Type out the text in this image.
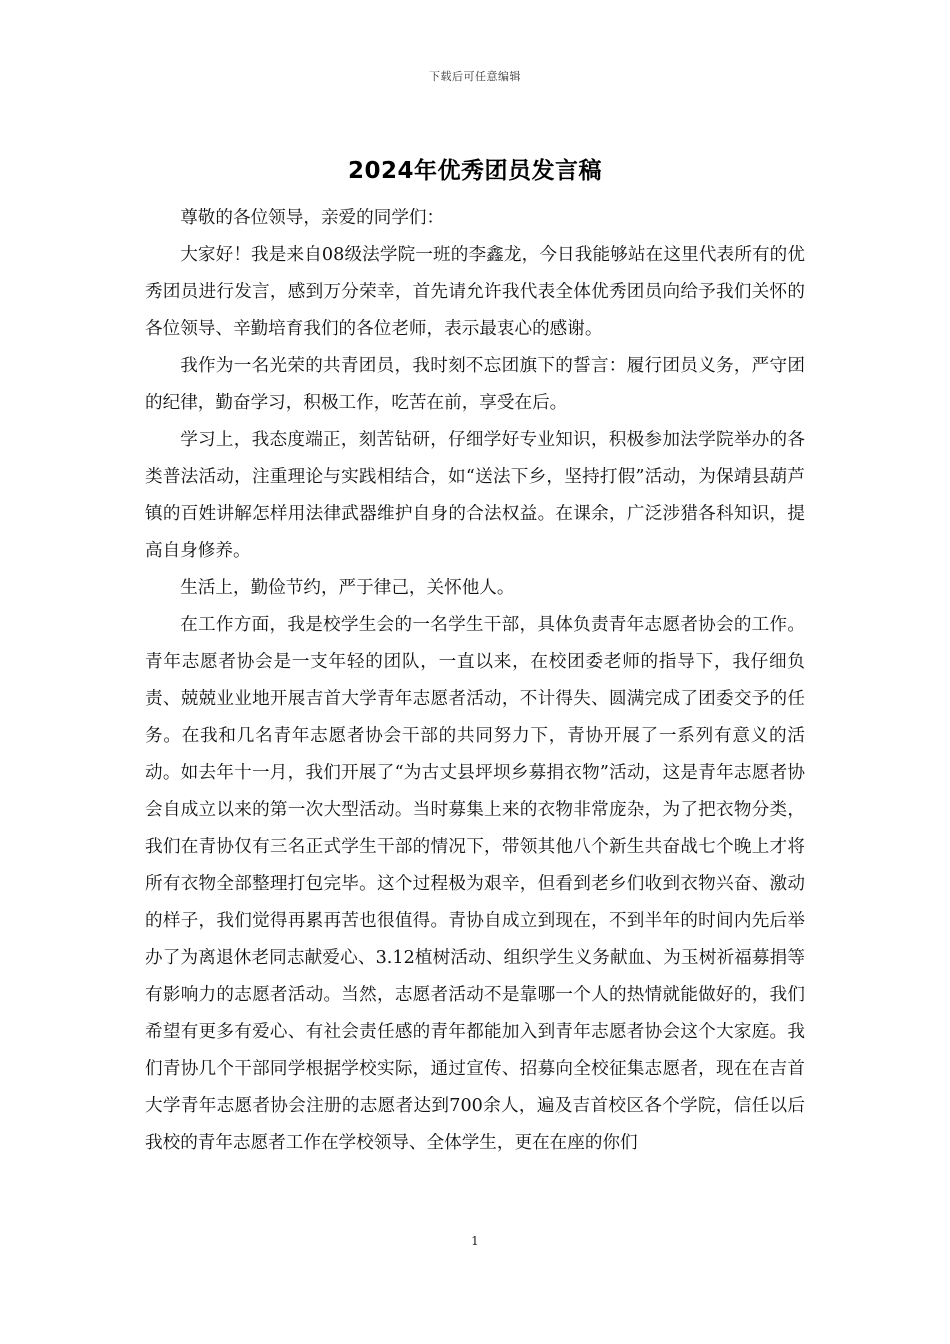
下载后可任意编辑
2024年优秀团员发言稿

尊敬的各位领导，亲爱的同学们：

大家好！我是来自08级法学院一班的李鑫龙，今日我能够站在这里代表所有的优秀团员进行发言，感到万分荣幸，首先请允许我代表全体优秀团员向给予我们关怀的各位领导、辛勤培育我们的各位老师，表示最衷心的感谢。

我作为一名光荣的共青团员，我时刻不忘团旗下的誓言：履行团员义务，严守团的纪律，勤奋学习，积极工作，吃苦在前，享受在后。

学习上，我态度端正，刻苦钻研，仔细学好专业知识，积极参加法学院举办的各类普法活动，注重理论与实践相结合，如“送法下乡，坚持打假”活动，为保靖县葫芦镇的百姓讲解怎样用法律武器维护自身的合法权益。在课余，广泛涉猎各科知识，提高自身修养。

生活上，勤俭节约，严于律己，关怀他人。

在工作方面，我是校学生会的一名学生干部，具体负责青年志愿者协会的工作。青年志愿者协会是一支年轻的团队，一直以来，在校团委老师的指导下，我仔细负责、兢兢业业地开展吉首大学青年志愿者活动，不计得失、圆满完成了团委交予的任务。在我和几名青年志愿者协会干部的共同努力下，青协开展了一系列有意义的活动。如去年十一月，我们开展了“为古丈县坪坝乡募捐衣物”活动，这是青年志愿者协会自成立以来的第一次大型活动。当时募集上来的衣物非常庞杂，为了把衣物分类，我们在青协仅有三名正式学生干部的情况下，带领其他八个新生共奋战七个晚上才将所有衣物全部整理打包完毕。这个过程极为艰辛，但看到老乡们收到衣物兴奋、激动的样子，我们觉得再累再苦也很值得。青协自成立到现在，不到半年的时间内先后举办了为离退休老同志献爱心、3.12植树活动、组织学生义务献血、为玉树祈福募捐等有影响力的志愿者活动。当然，志愿者活动不是靠哪一个人的热情就能做好的，我们希望有更多有爱心、有社会责任感的青年都能加入到青年志愿者协会这个大家庭。我们青协几个干部同学根据学校实际，通过宣传、招募向全校征集志愿者，现在在吉首大学青年志愿者协会注册的志愿者达到700余人，遍及吉首校区各个学院，信任以后我校的青年志愿者工作在学校领导、全体学生，更在在座的你们

1
